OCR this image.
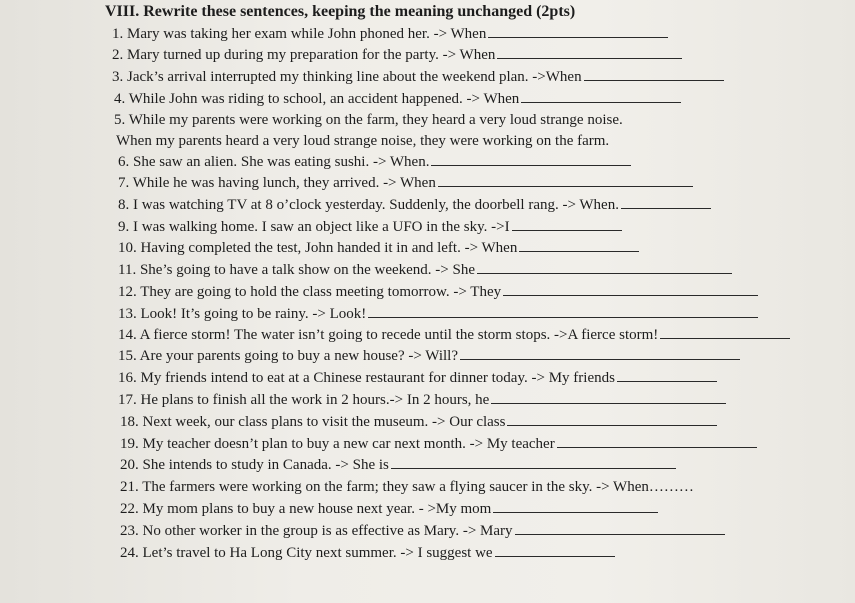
VIII. Rewrite these sentences, keeping the meaning unchanged (2pts)
1. Mary was taking her exam while John phoned her. -> When
2. Mary turned up during my preparation for the party. -> When
3. Jack’s arrival interrupted my thinking line about the weekend plan. ->When
4. While John was riding to school, an accident happened. -> When
5. While my parents were working on the farm, they heard a very loud strange noise.
When my parents heard a very loud strange noise, they were working on the farm.
6. She saw an alien. She was eating sushi. -> When.
7. While he was having lunch, they arrived. -> When
8. I was watching TV at 8 o’clock yesterday. Suddenly, the doorbell rang. -> When.
9. I was walking home. I saw an object like a UFO in the sky. ->I
10. Having completed the test, John handed it in and left. -> When
11. She’s going to have a talk show on the weekend. -> She
12. They are going to hold the class meeting tomorrow. -> They
13. Look! It’s going to be rainy. -> Look!
14. A fierce storm! The water isn’t going to recede until the storm stops. ->A fierce storm!
15. Are your parents going to buy a new house? -> Will?
16. My friends intend to eat at a Chinese restaurant for dinner today. -> My friends
17. He plans to finish all the work in 2 hours.-> In 2 hours, he
18. Next week, our class plans to visit the museum. -> Our class
19. My teacher doesn’t plan to buy a new car next month. -> My teacher
20. She intends to study in Canada. -> She is
21. The farmers were working on the farm; they saw a flying saucer in the sky. -> When………
22. My mom plans to buy a new house next year. - >My mom
23. No other worker in the group is as effective as Mary. -> Mary
24. Let’s travel to Ha Long City next summer. -> I suggest we
